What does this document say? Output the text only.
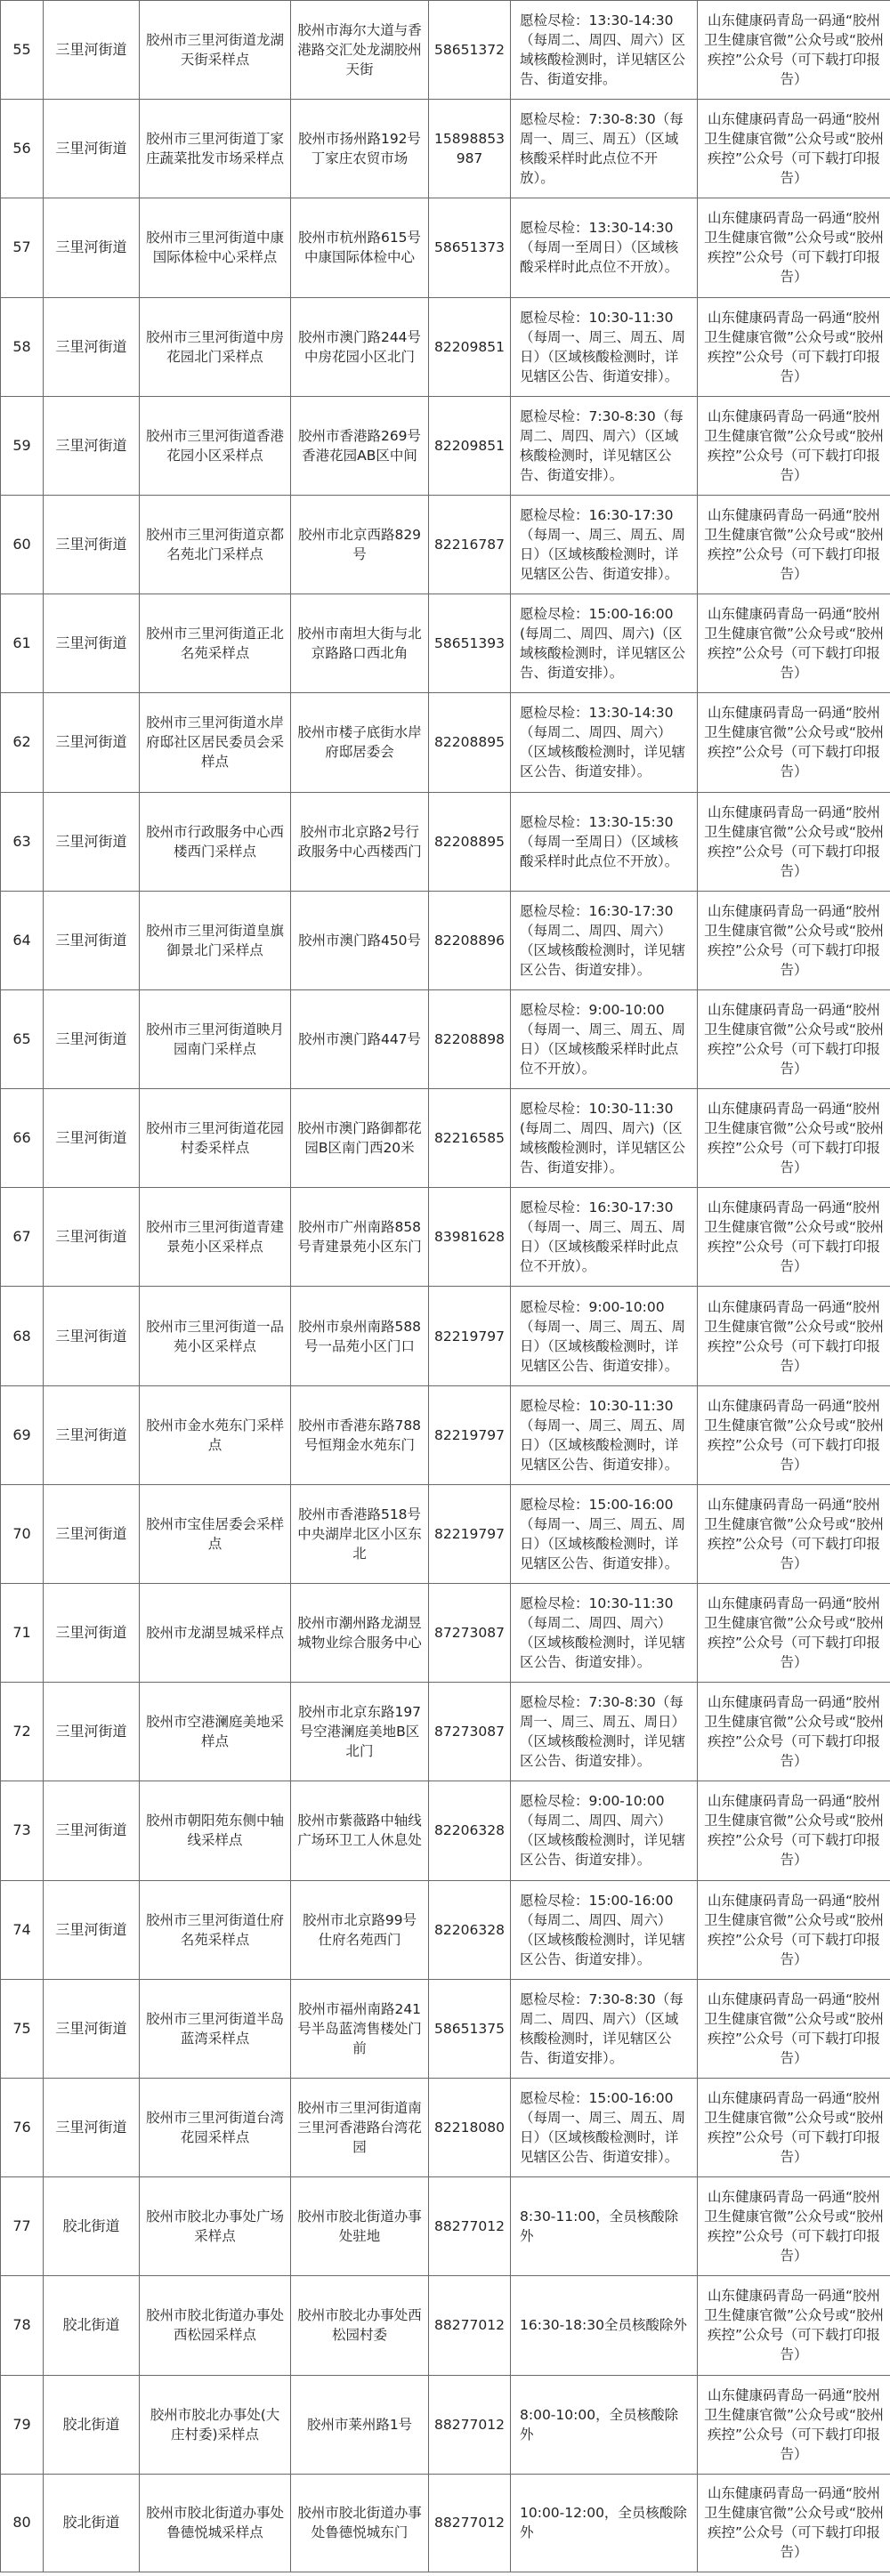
55	三里河街道	胶州市三里河街道龙湖天街采样点	胶州市海尔大道与香港路交汇处龙湖胶州天街	58651372	愿检尽检：13:30-14:30（每周二、周四、周六）区域核酸检测时，详见辖区公告、街道安排。	山东健康码青岛一码通“胶州卫生健康官微”公众号或“胶州疾控”公众号（可下载打印报告）
56	三里河街道	胶州市三里河街道丁家庄蔬菜批发市场采样点	胶州市扬州路192号丁家庄农贸市场	15898853987	愿检尽检：7:30-8:30（每周一、周三、周五）（区域核酸采样时此点位不开放）。	山东健康码青岛一码通“胶州卫生健康官微”公众号或“胶州疾控”公众号（可下载打印报告）
57	三里河街道	胶州市三里河街道中康国际体检中心采样点	胶州市杭州路615号中康国际体检中心	58651373	愿检尽检：13:30-14:30（每周一至周日）（区域核酸采样时此点位不开放）。	山东健康码青岛一码通“胶州卫生健康官微”公众号或“胶州疾控”公众号（可下载打印报告）
58	三里河街道	胶州市三里河街道中房花园北门采样点	胶州市澳门路244号中房花园小区北门	82209851	愿检尽检：10:30-11:30（每周一、周三、周五、周日）（区域核酸检测时，详见辖区公告、街道安排）。	山东健康码青岛一码通“胶州卫生健康官微”公众号或“胶州疾控”公众号（可下载打印报告）
59	三里河街道	胶州市三里河街道香港花园小区采样点	胶州市香港路269号香港花园AB区中间	82209851	愿检尽检：7:30-8:30（每周二、周四、周六）（区域核酸检测时，详见辖区公告、街道安排）。	山东健康码青岛一码通“胶州卫生健康官微”公众号或“胶州疾控”公众号（可下载打印报告）
60	三里河街道	胶州市三里河街道京都名苑北门采样点	胶州市北京西路829号	82216787	愿检尽检：16:30-17:30（每周一、周三、周五、周日）（区域核酸检测时，详见辖区公告、街道安排）。	山东健康码青岛一码通“胶州卫生健康官微”公众号或“胶州疾控”公众号（可下载打印报告）
61	三里河街道	胶州市三里河街道正北名苑采样点	胶州市南坦大街与北京路路口西北角	58651393	愿检尽检：15:00-16:00(每周二、周四、周六)（区域核酸检测时，详见辖区公告、街道安排）。	山东健康码青岛一码通“胶州卫生健康官微”公众号或“胶州疾控”公众号（可下载打印报告）
62	三里河街道	胶州市三里河街道水岸府邸社区居民委员会采样点	胶州市楼子底街水岸府邸居委会	82208895	愿检尽检：13:30-14:30（每周二、周四、周六）（区域核酸检测时，详见辖区公告、街道安排）。	山东健康码青岛一码通“胶州卫生健康官微”公众号或“胶州疾控”公众号（可下载打印报告）
63	三里河街道	胶州市行政服务中心西楼西门采样点	胶州市北京路2号行政服务中心西楼西门	82208895	愿检尽检：13:30-15:30（每周一至周日）（区域核酸采样时此点位不开放）。	山东健康码青岛一码通“胶州卫生健康官微”公众号或“胶州疾控”公众号（可下载打印报告）
64	三里河街道	胶州市三里河街道皇旗御景北门采样点	胶州市澳门路450号	82208896	愿检尽检：16:30-17:30（每周二、周四、周六）（区域核酸检测时，详见辖区公告、街道安排）。	山东健康码青岛一码通“胶州卫生健康官微”公众号或“胶州疾控”公众号（可下载打印报告）
65	三里河街道	胶州市三里河街道映月园南门采样点	胶州市澳门路447号	82208898	愿检尽检：9:00-10:00（每周一、周三、周五、周日）（区域核酸采样时此点位不开放）。	山东健康码青岛一码通“胶州卫生健康官微”公众号或“胶州疾控”公众号（可下载打印报告）
66	三里河街道	胶州市三里河街道花园村委采样点	胶州市澳门路御都花园B区南门西20米	82216585	愿检尽检：10:30-11:30(每周二、周四、周六)（区域核酸检测时，详见辖区公告、街道安排）。	山东健康码青岛一码通“胶州卫生健康官微”公众号或“胶州疾控”公众号（可下载打印报告）
67	三里河街道	胶州市三里河街道青建景苑小区采样点	胶州市广州南路858号青建景苑小区东门	83981628	愿检尽检：16:30-17:30（每周一、周三、周五、周日）（区域核酸采样时此点位不开放）。	山东健康码青岛一码通“胶州卫生健康官微”公众号或“胶州疾控”公众号（可下载打印报告）
68	三里河街道	胶州市三里河街道一品苑小区采样点	胶州市泉州南路588号一品苑小区门口	82219797	愿检尽检：9:00-10:00（每周一、周三、周五、周日）（区域核酸检测时，详见辖区公告、街道安排）。	山东健康码青岛一码通“胶州卫生健康官微”公众号或“胶州疾控”公众号（可下载打印报告）
69	三里河街道	胶州市金水苑东门采样点	胶州市香港东路788号恒翔金水苑东门	82219797	愿检尽检：10:30-11:30（每周一、周三、周五、周日）（区域核酸检测时，详见辖区公告、街道安排）。	山东健康码青岛一码通“胶州卫生健康官微”公众号或“胶州疾控”公众号（可下载打印报告）
70	三里河街道	胶州市宝佳居委会采样点	胶州市香港路518号中央湖岸北区小区东北	82219797	愿检尽检：15:00-16:00（每周一、周三、周五、周日）（区域核酸检测时，详见辖区公告、街道安排）。	山东健康码青岛一码通“胶州卫生健康官微”公众号或“胶州疾控”公众号（可下载打印报告）
71	三里河街道	胶州市龙湖昱城采样点	胶州市潮州路龙湖昱城物业综合服务中心	87273087	愿检尽检：10:30-11:30（每周二、周四、周六）（区域核酸检测时，详见辖区公告、街道安排）。	山东健康码青岛一码通“胶州卫生健康官微”公众号或“胶州疾控”公众号（可下载打印报告）
72	三里河街道	胶州市空港澜庭美地采样点	胶州市北京东路197号空港澜庭美地B区北门	87273087	愿检尽检：7:30-8:30（每周一、周三、周五、周日）（区域核酸检测时，详见辖区公告、街道安排）。	山东健康码青岛一码通“胶州卫生健康官微”公众号或“胶州疾控”公众号（可下载打印报告）
73	三里河街道	胶州市朝阳苑东侧中轴线采样点	胶州市紫薇路中轴线广场环卫工人休息处	82206328	愿检尽检：9:00-10:00（每周二、周四、周六）（区域核酸检测时，详见辖区公告、街道安排）。	山东健康码青岛一码通“胶州卫生健康官微”公众号或“胶州疾控”公众号（可下载打印报告）
74	三里河街道	胶州市三里河街道仕府名苑采样点	胶州市北京路99号仕府名苑西门	82206328	愿检尽检：15:00-16:00（每周二、周四、周六）（区域核酸检测时，详见辖区公告、街道安排）。	山东健康码青岛一码通“胶州卫生健康官微”公众号或“胶州疾控”公众号（可下载打印报告）
75	三里河街道	胶州市三里河街道半岛蓝湾采样点	胶州市福州南路241号半岛蓝湾售楼处门前	58651375	愿检尽检：7:30-8:30（每周二、周四、周六）（区域核酸检测时，详见辖区公告、街道安排）。	山东健康码青岛一码通“胶州卫生健康官微”公众号或“胶州疾控”公众号（可下载打印报告）
76	三里河街道	胶州市三里河街道台湾花园采样点	胶州市三里河街道南三里河香港路台湾花园	82218080	愿检尽检：15:00-16:00（每周一、周三、周五、周日）（区域核酸检测时，详见辖区公告、街道安排）。	山东健康码青岛一码通“胶州卫生健康官微”公众号或“胶州疾控”公众号（可下载打印报告）
77	胶北街道	胶州市胶北办事处广场采样点	胶州市胶北街道办事处驻地	88277012	8:30-11:00，全员核酸除外	山东健康码青岛一码通“胶州卫生健康官微”公众号或“胶州疾控”公众号（可下载打印报告）
78	胶北街道	胶州市胶北街道办事处西松园采样点	胶州市胶北办事处西松园村委	88277012	16:30-18:30全员核酸除外	山东健康码青岛一码通“胶州卫生健康官微”公众号或“胶州疾控”公众号（可下载打印报告）
79	胶北街道	胶州市胶北办事处(大庄村委)采样点	胶州市莱州路1号	88277012	8:00-10:00，全员核酸除外	山东健康码青岛一码通“胶州卫生健康官微”公众号或“胶州疾控”公众号（可下载打印报告）
80	胶北街道	胶州市胶北街道办事处鲁德悦城采样点	胶州市胶北街道办事处鲁德悦城东门	88277012	10:00-12:00，全员核酸除外	山东健康码青岛一码通“胶州卫生健康官微”公众号或“胶州疾控”公众号（可下载打印报告）
